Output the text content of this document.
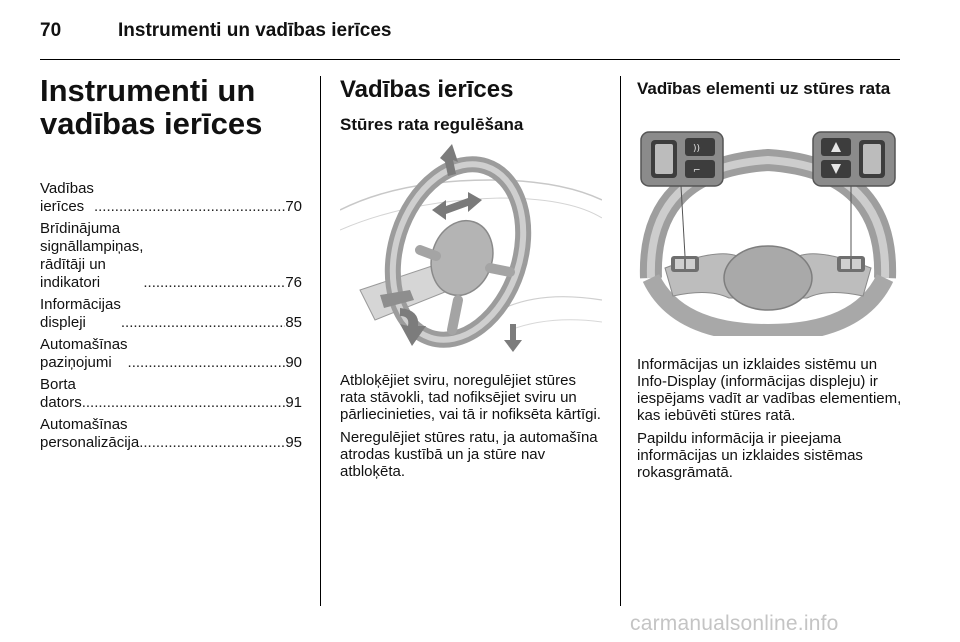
70	Instrumenti un vadības ierīces
Instrumenti un
vadības ierīces
Vadības ierīces .....	70
Brīdinājuma signāllampiņas, rādītāji un indikatori .....	76
Informācijas displeji .....	85
Automašīnas paziņojumi .....	90
Borta dators .....	91
Automašīnas personalizācija .....	95
Vadības ierīces
Stūres rata regulēšana

Atbloķējiet sviru, noregulējiet stūres rata stāvokli, tad nofiksējiet sviru un pārliecinieties, vai tā ir nofiksēta kārtīgi.

Neregulējiet stūres ratu, ja automašīna atrodas kustībā un ja stūre nav atbloķēta.

Vadības elementi uz stūres rata
))
⌐

Informācijas un izklaides sistēmu un Info-Display (informācijas displeju) ir iespējams vadīt ar vadības elementiem, kas iebūvēti stūres ratā.

Papildu informācija ir pieejama informācijas un izklaides sistēmas rokasgrāmatā.

carmanualsonline.info
